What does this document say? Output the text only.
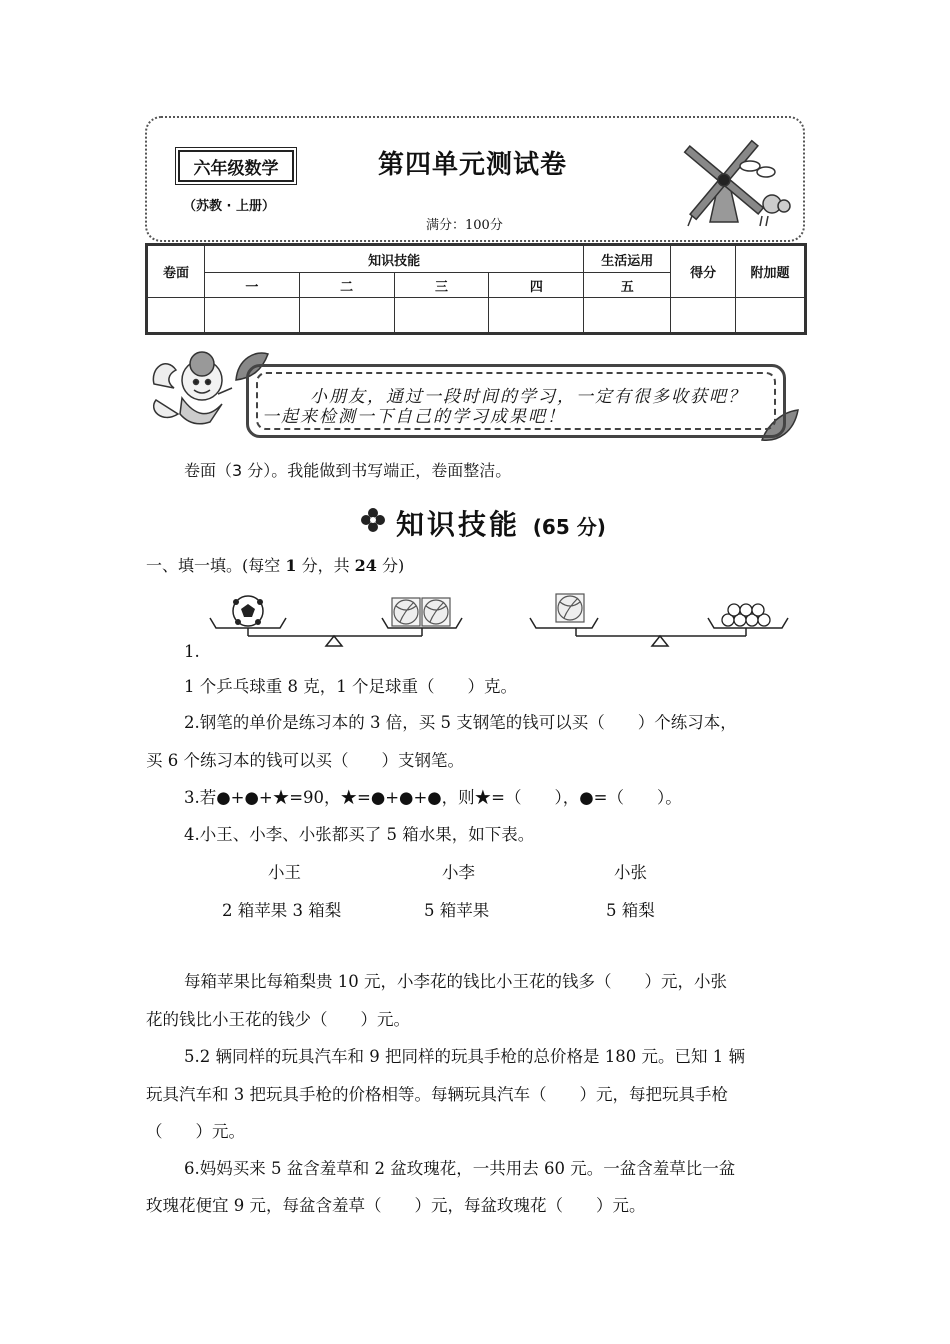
六年级数学
（苏教 · 上册）
第四单元测试卷
满分：100分
卷面	知识技能				生活运用	得分	附加题
	一	二	三	四	五		

小朋友，通过一段时间的学习，一定有很多收获吧？
一起来检测一下自己的学习成果吧！
卷面（3 分）。我能做到书写端正，卷面整洁。
知识技能 (65 分)
一、填一填。(每空 1 分，共 24 分)
1.
1 个乒乓球重 8 克，1 个足球重（　　）克。
2.钢笔的单价是练习本的 3 倍，买 5 支钢笔的钱可以买（　　）个练习本，
买 6 个练习本的钱可以买（　　）支钢笔。
3.若●+●+★=90，★=●+●+●，则★=（　　），●=（　　）。
4.小王、小李、小张都买了 5 箱水果，如下表。
小王	小李	小张
2 箱苹果 3 箱梨	5 箱苹果	5 箱梨
每箱苹果比每箱梨贵 10 元，小李花的钱比小王花的钱多（　　）元，小张
花的钱比小王花的钱少（　　）元。
5.2 辆同样的玩具汽车和 9 把同样的玩具手枪的总价格是 180 元。已知 1 辆
玩具汽车和 3 把玩具手枪的价格相等。每辆玩具汽车（　　）元，每把玩具手枪
（　　）元。
6.妈妈买来 5 盆含羞草和 2 盆玫瑰花，一共用去 60 元。一盆含羞草比一盆
玫瑰花便宜 9 元，每盆含羞草（　　）元，每盆玫瑰花（　　）元。
